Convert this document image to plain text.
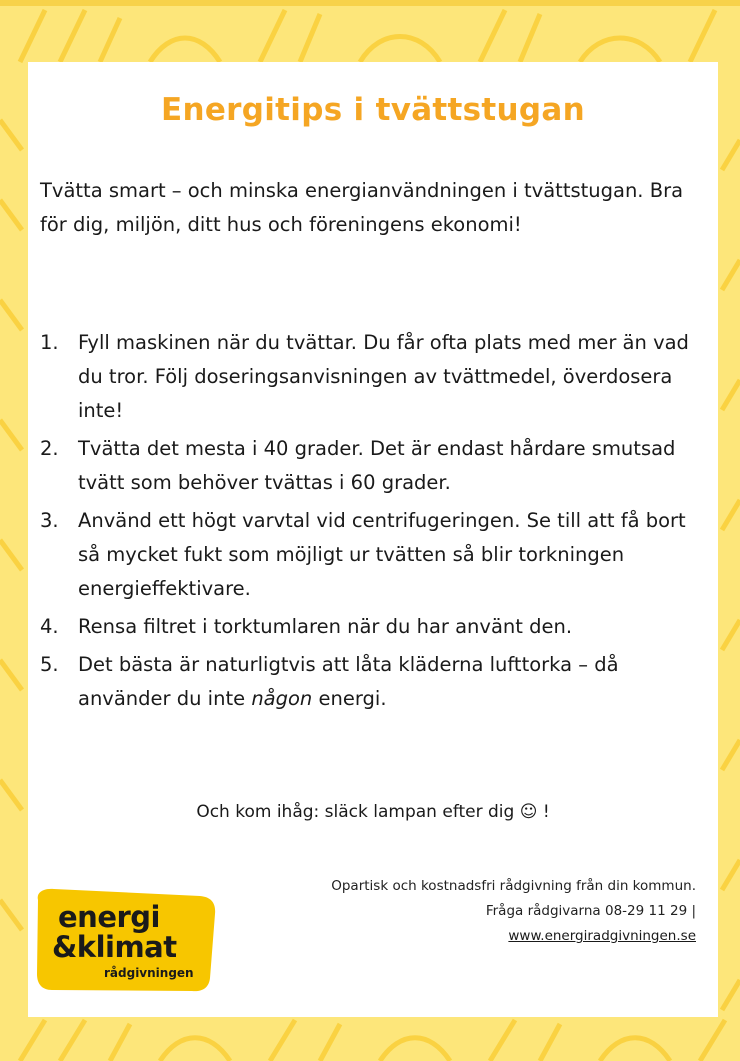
Energitips i tvättstugan

Tvätta smart – och minska energianvändningen i tvättstugan. Bra för dig, miljön, ditt hus och föreningens ekonomi!

1. Fyll maskinen när du tvättar. Du får ofta plats med mer än vad du tror. Följ doseringsanvisningen av tvättmedel, överdosera inte!
2. Tvätta det mesta i 40 grader. Det är endast hårdare smutsad tvätt som behöver tvättas i 60 grader.
3. Använd ett högt varvtal vid centrifugeringen. Se till att få bort så mycket fukt som möjligt ur tvätten så blir torkningen energieffektivare.
4. Rensa filtret i torktumlaren när du har använt den.
5. Det bästa är naturligtvis att låta kläderna lufttorka – då använder du inte någon energi.

Och kom ihåg: släck lampan efter dig ☺ !

Opartisk och kostnadsfri rådgivning från din kommun.
Fråga rådgivarna 08-29 11 29 |
www.energiradgivningen.se
energi
&klimat
rådgivningen
